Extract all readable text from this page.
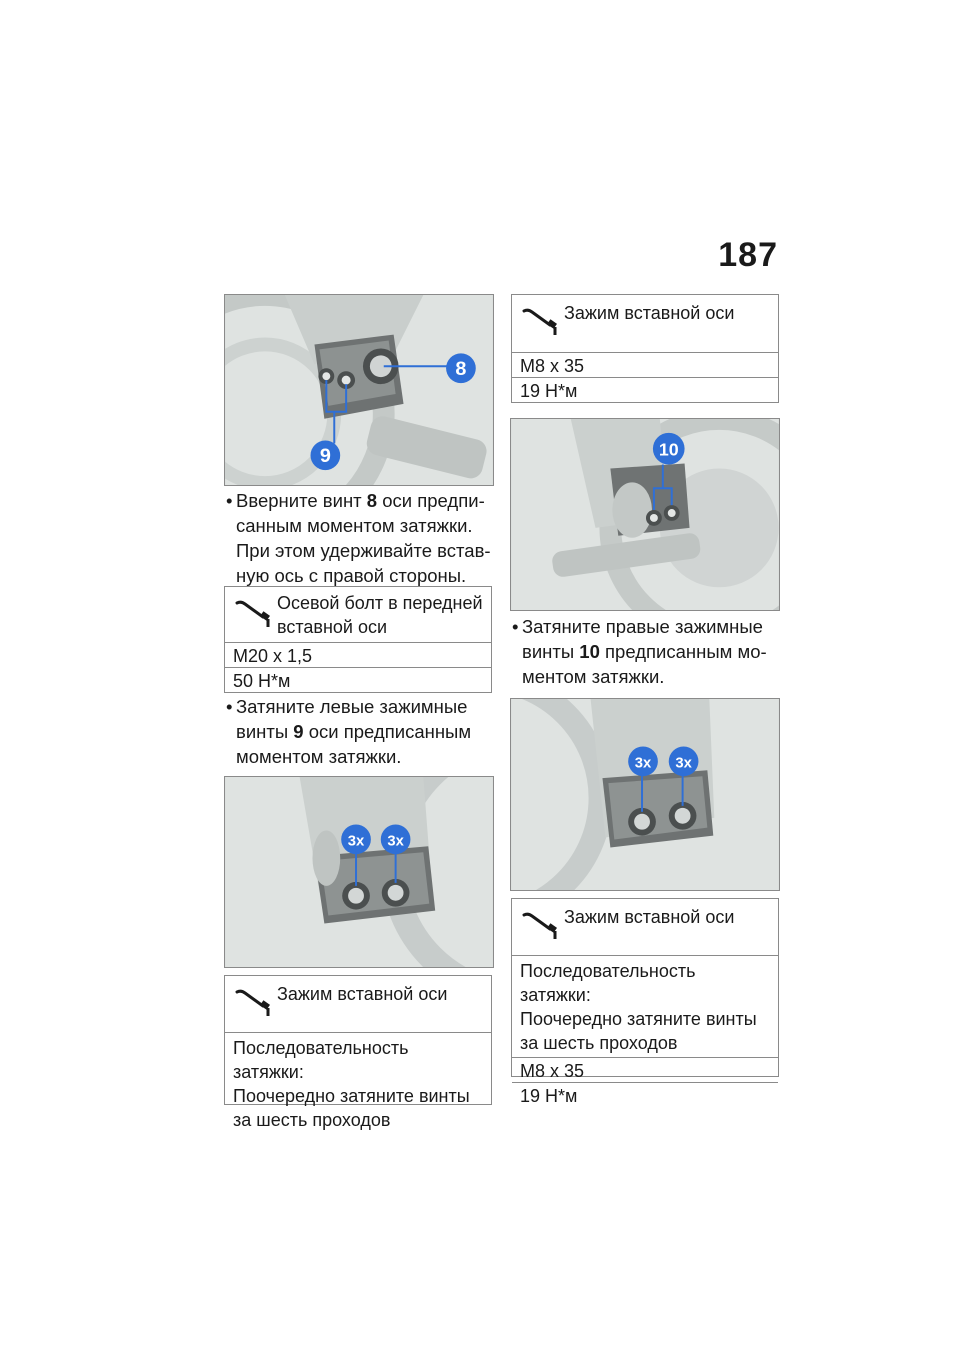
187
8
9
• Вверните винт 8 оси предпи-
санным моментом затяжки.
При этом удерживайте встав-
ную ось с правой стороны.
Осевой болт в передней
вставной оси
M20 x 1,5
50 Н*м
• Затяните левые зажимные
винты 9 оси предписанным
моментом затяжки.
3x 3x
Зажим вставной оси
Последовательность затяжки:
Поочередно затяните винты
за шесть проходов
Зажим вставной оси
M8 x 35
19 Н*м
10
• Затяните правые зажимные
винты 10 предписанным мо-
ментом затяжки.
3x 3x
Зажим вставной оси
Последовательность затяжки:
Поочередно затяните винты
за шесть проходов
M8 x 35
19 Н*м
